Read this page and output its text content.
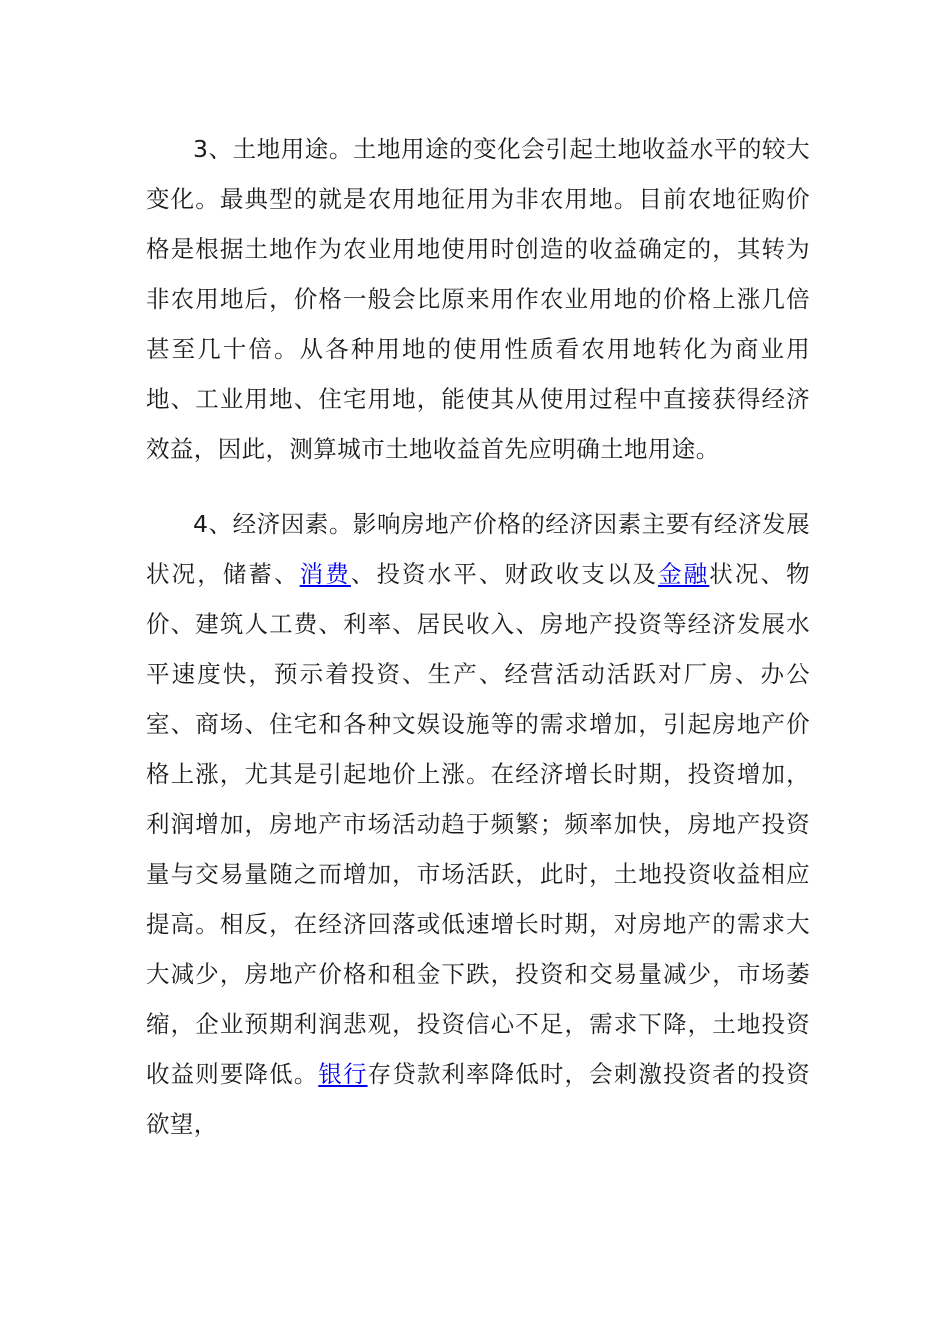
3、土地用途。土地用途的变化会引起土地收益水平的较大变化。最典型的就是农用地征用为非农用地。目前农地征购价格是根据土地作为农业用地使用时创造的收益确定的，其转为非农用地后，价格一般会比原来用作农业用地的价格上涨几倍甚至几十倍。从各种用地的使用性质看农用地转化为商业用地、工业用地、住宅用地，能使其从使用过程中直接获得经济效益，因此，测算城市土地收益首先应明确土地用途。

4、经济因素。影响房地产价格的经济因素主要有经济发展状况，储蓄、消费、投资水平、财政收支以及金融状况、物价、建筑人工费、利率、居民收入、房地产投资等经济发展水平速度快，预示着投资、生产、经营活动活跃对厂房、办公室、商场、住宅和各种文娱设施等的需求增加，引起房地产价格上涨，尤其是引起地价上涨。在经济增长时期，投资增加，利润增加，房地产市场活动趋于频繁；频率加快，房地产投资量与交易量随之而增加，市场活跃，此时，土地投资收益相应提高。相反，在经济回落或低速增长时期，对房地产的需求大大减少，房地产价格和租金下跌，投资和交易量减少，市场萎缩，企业预期利润悲观，投资信心不足，需求下降，土地投资收益则要降低。银行存贷款利率降低时，会刺激投资者的投资欲望，
